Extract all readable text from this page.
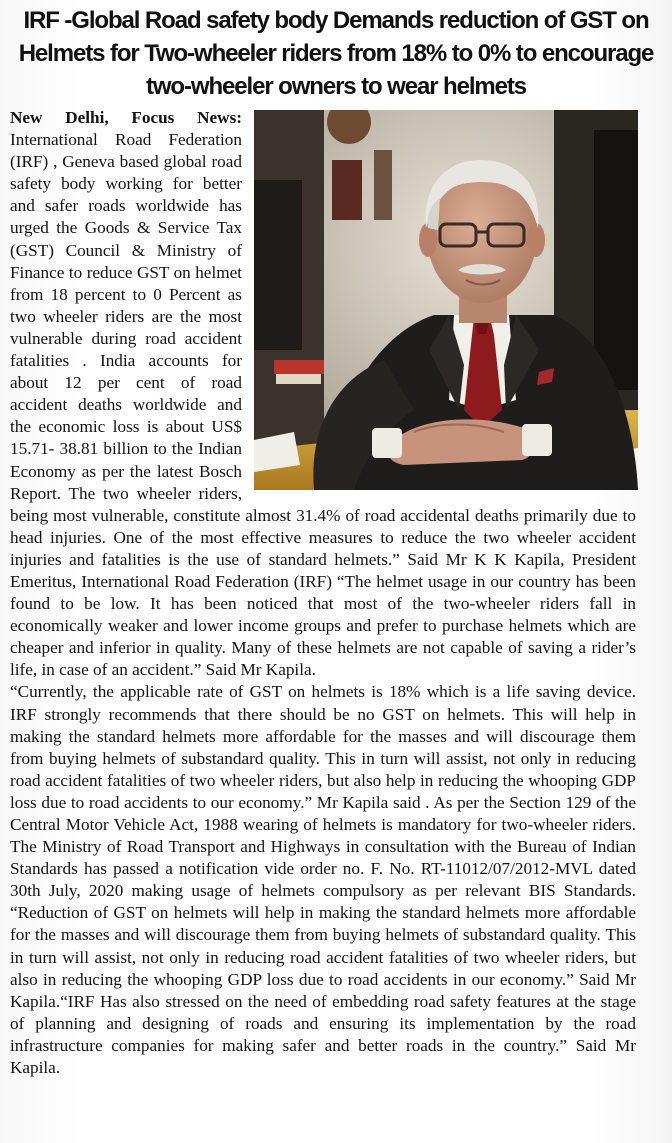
IRF -Global Road safety body Demands reduction of GST on Helmets for Two-wheeler riders from 18% to 0% to encourage two-wheeler owners to wear helmets

New Delhi, Focus News: International Road Federation (IRF) , Geneva based global road safety body working for better and safer roads worldwide has urged the Goods & Service Tax (GST) Council & Ministry of Finance to reduce GST on helmet from 18 percent to 0 Percent as two wheeler riders are the most vulnerable during road accident fatalities . India accounts for about 12 per cent of road accident deaths worldwide and the economic loss is about US$ 15.71- 38.81 billion to the Indian Economy as per the latest Bosch Report. The two wheeler riders, being most vulnerable, constitute almost 31.4% of road accidental deaths primarily due to head injuries. One of the most effective measures to reduce the two wheeler accident injuries and fatalities is the use of standard helmets.” Said Mr K K Kapila, President Emeritus, International Road Federation (IRF) “The helmet usage in our country has been found to be low. It has been noticed that most of the two-wheeler riders fall in economically weaker and lower income groups and prefer to purchase helmets which are cheaper and inferior in quality. Many of these helmets are not capable of saving a rider’s life, in case of an accident.” Said Mr Kapila.

“Currently, the applicable rate of GST on helmets is 18% which is a life saving device. IRF strongly recommends that there should be no GST on helmets. This will help in making the standard helmets more affordable for the masses and will discourage them from buying helmets of substandard quality. This in turn will assist, not only in reducing road accident fatalities of two wheeler riders, but also help in reducing the whooping GDP loss due to road accidents to our economy.” Mr Kapila said . As per the Section 129 of the Central Motor Vehicle Act, 1988 wearing of helmets is mandatory for two-wheeler riders. The Ministry of Road Transport and Highways in consultation with the Bureau of Indian Standards has passed a notification vide order no. F. No. RT-11012/07/2012-MVL dated 30th July, 2020 making usage of helmets compulsory as per relevant BIS Standards. “Reduction of GST on helmets will help in making the standard helmets more affordable for the masses and will discourage them from buying helmets of substandard quality. This in turn will assist, not only in reducing road accident fatalities of two wheeler riders, but also in reducing the whooping GDP loss due to road accidents in our economy.” Said Mr Kapila.“IRF Has also stressed on the need of embedding road safety features at the stage of planning and designing of roads and ensuring its implementation by the road infrastructure companies for making safer and better roads in the country.” Said Mr Kapila.
